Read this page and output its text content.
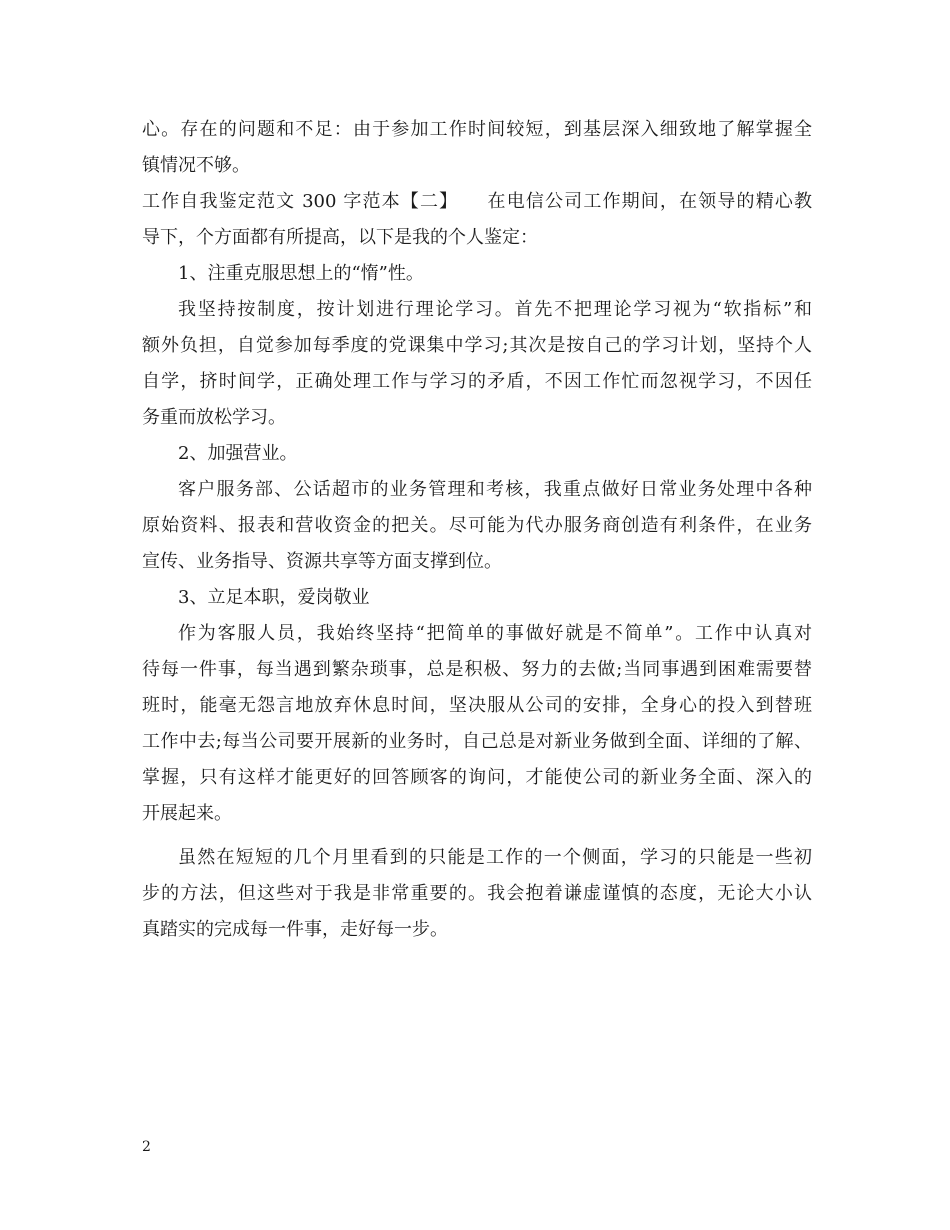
心。存在的问题和不足：由于参加工作时间较短，到基层深入细致地了解掌握全
镇情况不够。
工作自我鉴定范文 300 字范本【二】　　在电信公司工作期间，在领导的精心教
导下，个方面都有所提高，以下是我的个人鉴定：
1、注重克服思想上的“惰”性。
我坚持按制度，按计划进行理论学习。首先不把理论学习视为“软指标”和
额外负担，自觉参加每季度的党课集中学习;其次是按自己的学习计划，坚持个人
自学，挤时间学，正确处理工作与学习的矛盾，不因工作忙而忽视学习，不因任
务重而放松学习。
2、加强营业。
客户服务部、公话超市的业务管理和考核，我重点做好日常业务处理中各种
原始资料、报表和营收资金的把关。尽可能为代办服务商创造有利条件，在业务
宣传、业务指导、资源共享等方面支撑到位。
3、立足本职，爱岗敬业
作为客服人员，我始终坚持“把简单的事做好就是不简单”。工作中认真对
待每一件事，每当遇到繁杂琐事，总是积极、努力的去做;当同事遇到困难需要替
班时，能毫无怨言地放弃休息时间，坚决服从公司的安排，全身心的投入到替班
工作中去;每当公司要开展新的业务时，自己总是对新业务做到全面、详细的了解、
掌握，只有这样才能更好的回答顾客的询问，才能使公司的新业务全面、深入的
开展起来。
虽然在短短的几个月里看到的只能是工作的一个侧面，学习的只能是一些初
步的方法，但这些对于我是非常重要的。我会抱着谦虚谨慎的态度，无论大小认
真踏实的完成每一件事，走好每一步。
2
